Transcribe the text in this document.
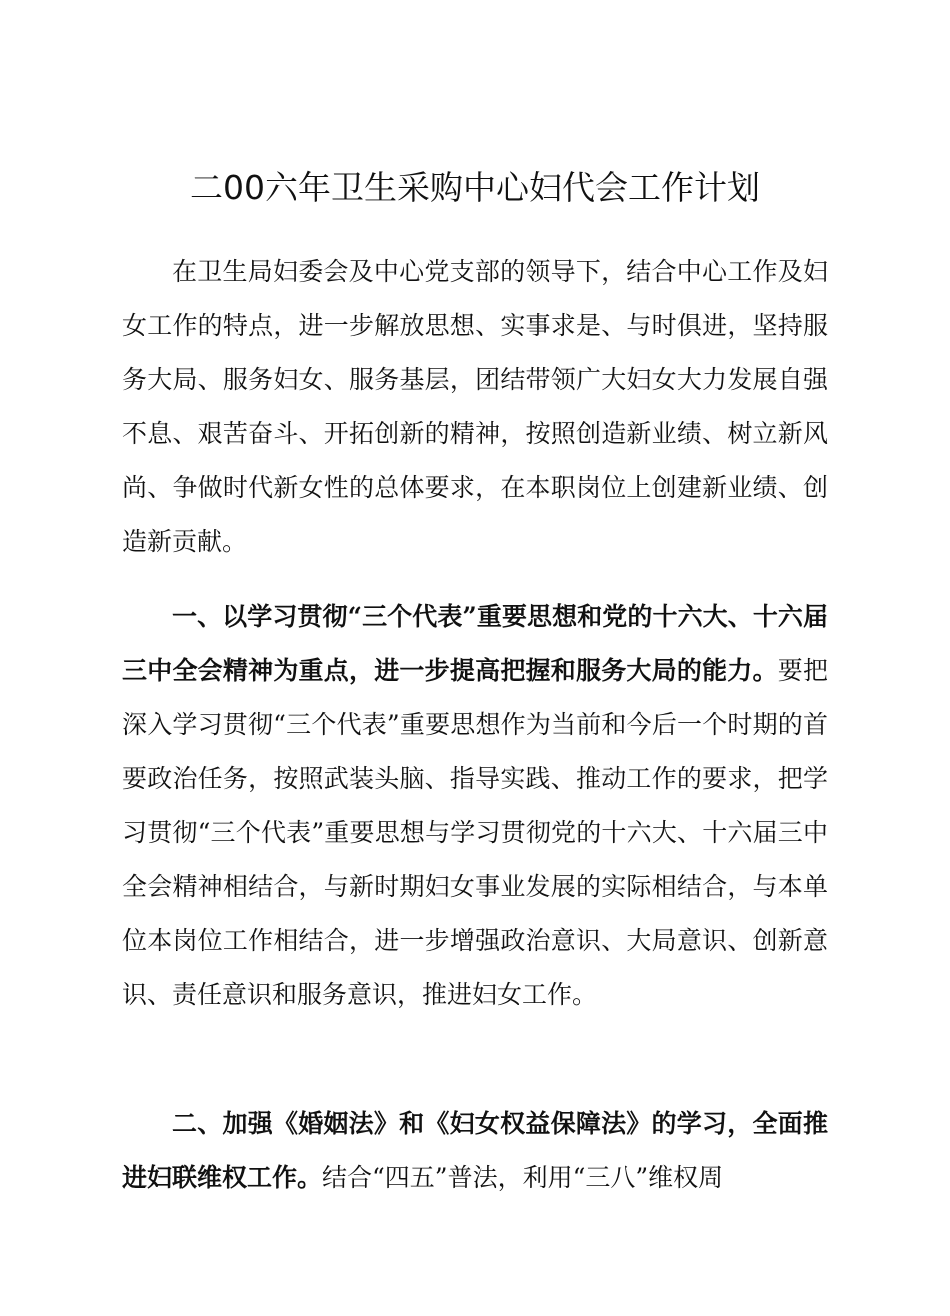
二00六年卫生采购中心妇代会工作计划

在卫生局妇委会及中心党支部的领导下，结合中心工作及妇女工作的特点，进一步解放思想、实事求是、与时俱进，坚持服务大局、服务妇女、服务基层，团结带领广大妇女大力发展自强不息、艰苦奋斗、开拓创新的精神，按照创造新业绩、树立新风尚、争做时代新女性的总体要求，在本职岗位上创建新业绩、创造新贡献。

一、以学习贯彻“三个代表”重要思想和党的十六大、十六届三中全会精神为重点，进一步提高把握和服务大局的能力。要把深入学习贯彻“三个代表”重要思想作为当前和今后一个时期的首要政治任务，按照武装头脑、指导实践、推动工作的要求，把学习贯彻“三个代表”重要思想与学习贯彻党的十六大、十六届三中全会精神相结合，与新时期妇女事业发展的实际相结合，与本单位本岗位工作相结合，进一步增强政治意识、大局意识、创新意识、责任意识和服务意识，推进妇女工作。

二、加强《婚姻法》和《妇女权益保障法》的学习，全面推进妇联维权工作。结合“四五”普法，利用“三八”维权周
